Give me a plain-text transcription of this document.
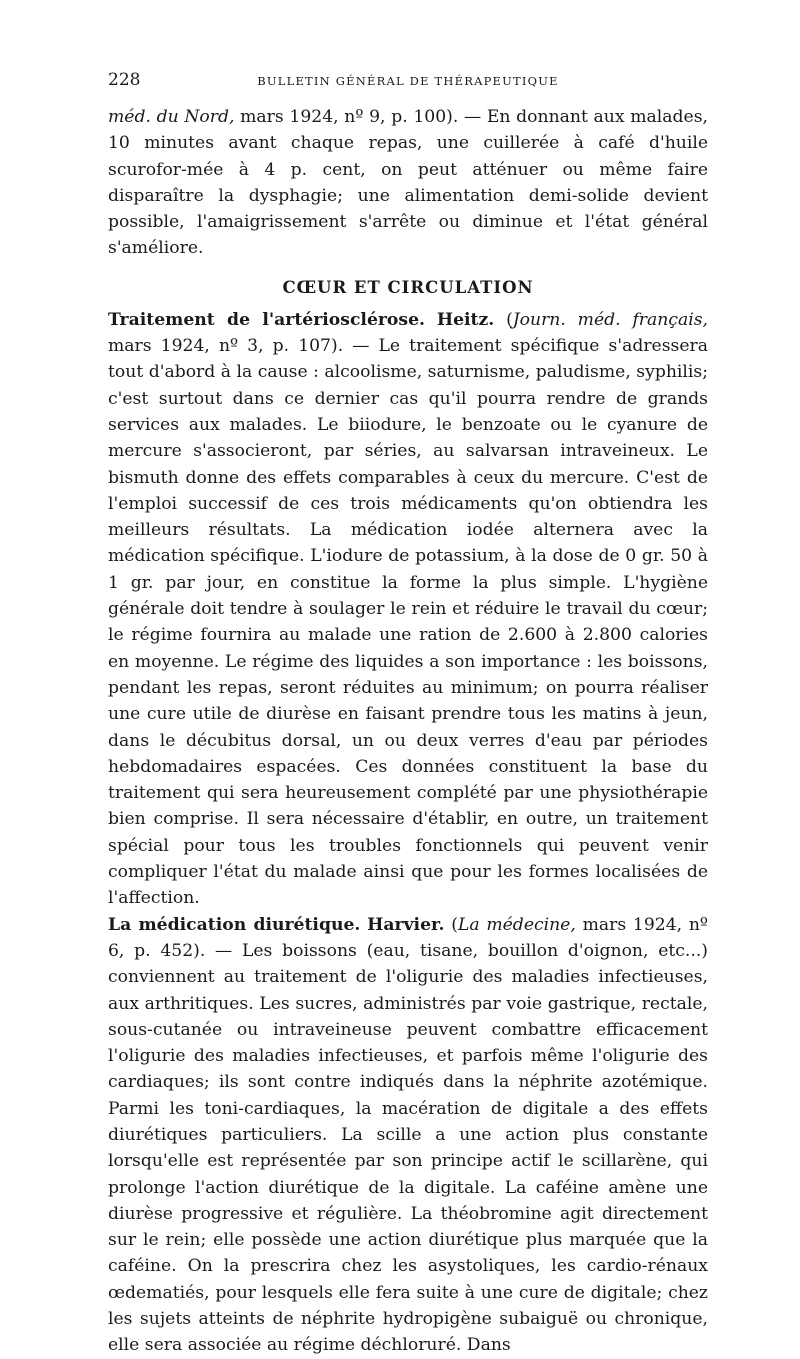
228	BULLETIN GÉNÉRAL DE THÉRAPEUTIQUE

méd. du Nord, mars 1924, nº 9, p. 100). — En donnant aux malades, 10 minutes avant chaque repas, une cuillerée à café d'huile scurofor-mée à 4 p. cent, on peut atténuer ou même faire disparaître la dysphagie; une alimentation demi-solide devient possible, l'amaigrissement s'arrête ou diminue et l'état général s'améliore.

CŒUR ET CIRCULATION

Traitement de l'artériosclérose. Heitz. (Journ. méd. français, mars 1924, nº 3, p. 107). — Le traitement spécifique s'adressera tout d'abord à la cause : alcoolisme, saturnisme, paludisme, syphilis; c'est surtout dans ce dernier cas qu'il pourra rendre de grands services aux malades. Le biiodure, le benzoate ou le cyanure de mercure s'associeront, par séries, au salvarsan intraveineux. Le bismuth donne des effets comparables à ceux du mercure. C'est de l'emploi successif de ces trois médicaments qu'on obtiendra les meilleurs résultats. La médication iodée alternera avec la médication spécifique. L'iodure de potassium, à la dose de 0 gr. 50 à 1 gr. par jour, en constitue la forme la plus simple. L'hygiène générale doit tendre à soulager le rein et réduire le travail du cœur; le régime fournira au malade une ration de 2.600 à 2.800 calories en moyenne. Le régime des liquides a son importance : les boissons, pendant les repas, seront réduites au minimum; on pourra réaliser une cure utile de diurèse en faisant prendre tous les matins à jeun, dans le décubitus dorsal, un ou deux verres d'eau par périodes hebdomadaires espacées. Ces données constituent la base du traitement qui sera heureusement complété par une physiothérapie bien comprise. Il sera nécessaire d'établir, en outre, un traitement spécial pour tous les troubles fonctionnels qui peuvent venir compliquer l'état du malade ainsi que pour les formes localisées de l'affection.

La médication diurétique. Harvier. (La médecine, mars 1924, nº 6, p. 452). — Les boissons (eau, tisane, bouillon d'oignon, etc...) conviennent au traitement de l'oligurie des maladies infectieuses, aux arthritiques. Les sucres, administrés par voie gastrique, rectale, sous-cutanée ou intraveineuse peuvent combattre efficacement l'oligurie des maladies infectieuses, et parfois même l'oligurie des cardiaques; ils sont contre indiqués dans la néphrite azotémique. Parmi les toni-cardiaques, la macération de digitale a des effets diurétiques particuliers. La scille a une action plus constante lorsqu'elle est représentée par son principe actif le scillarène, qui prolonge l'action diurétique de la digitale. La caféine amène une diurèse progressive et régulière. La théobromine agit directement sur le rein; elle possède une action diurétique plus marquée que la caféine. On la prescrira chez les asystoliques, les cardio-rénaux œdematiés, pour lesquels elle fera suite à une cure de digitale; chez les sujets atteints de néphrite hydropigène subaiguë ou chronique, elle sera associée au régime déchloruré. Dans
